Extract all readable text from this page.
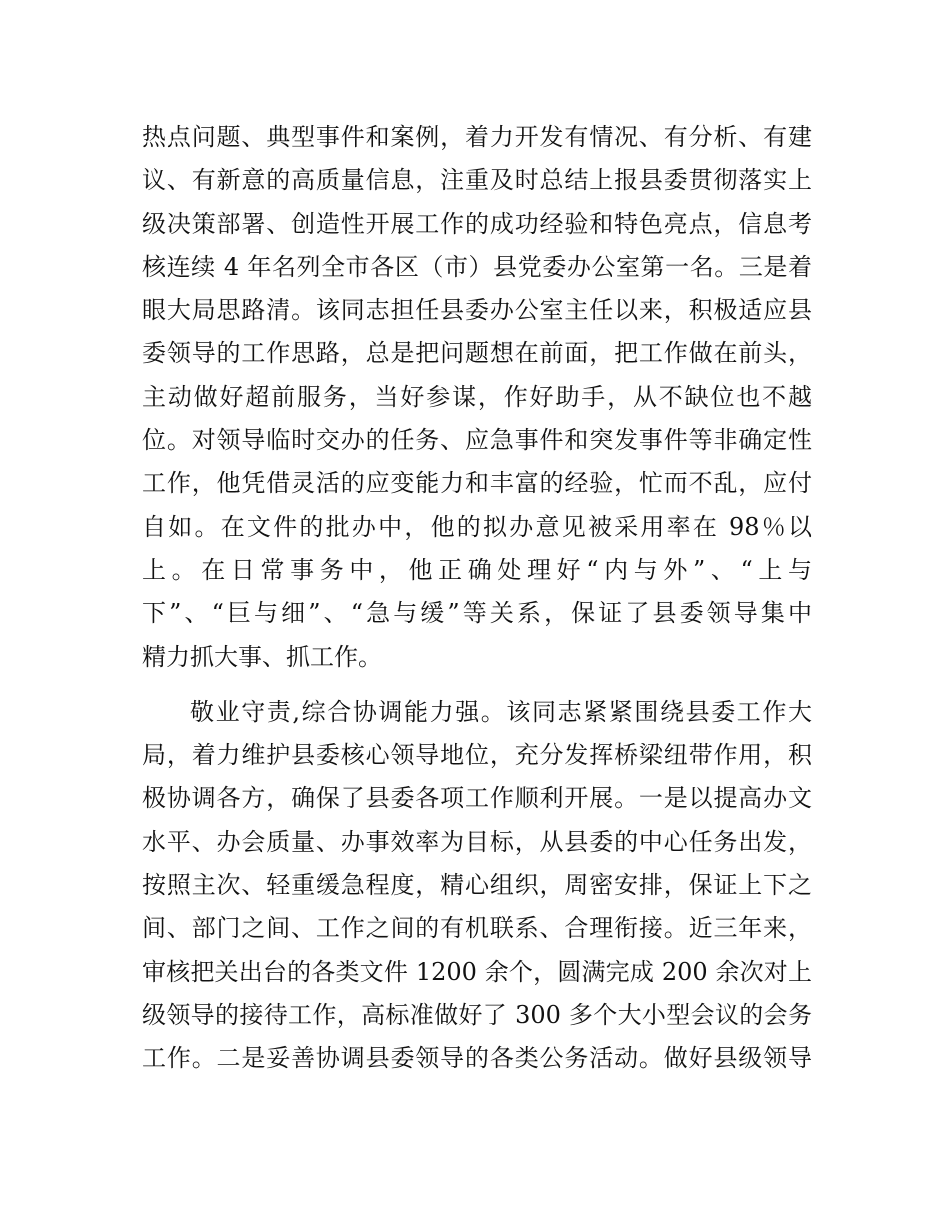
热点问题、典型事件和案例，着力开发有情况、有分析、有建
议、有新意的高质量信息，注重及时总结上报县委贯彻落实上
级决策部署、创造性开展工作的成功经验和特色亮点，信息考
核连续 4 年名列全市各区（市）县党委办公室第一名。三是着
眼大局思路清。该同志担任县委办公室主任以来，积极适应县
委领导的工作思路，总是把问题想在前面，把工作做在前头，
主动做好超前服务，当好参谋，作好助手，从不缺位也不越
位。对领导临时交办的任务、应急事件和突发事件等非确定性
工作，他凭借灵活的应变能力和丰富的经验，忙而不乱，应付
自如。在文件的批办中，他的拟办意见被采用率在 98％以
上。在日常事务中，他正确处理好“内与外”、“上与
下”、“巨与细”、“急与缓”等关系，保证了县委领导集中
精力抓大事、抓工作。
敬业守责,综合协调能力强。该同志紧紧围绕县委工作大
局，着力维护县委核心领导地位，充分发挥桥梁纽带作用，积
极协调各方，确保了县委各项工作顺利开展。一是以提高办文
水平、办会质量、办事效率为目标，从县委的中心任务出发，
按照主次、轻重缓急程度，精心组织，周密安排，保证上下之
间、部门之间、工作之间的有机联系、合理衔接。近三年来，
审核把关出台的各类文件 1200 余个，圆满完成 200 余次对上
级领导的接待工作，高标准做好了 300 多个大小型会议的会务
工作。二是妥善协调县委领导的各类公务活动。做好县级领导
